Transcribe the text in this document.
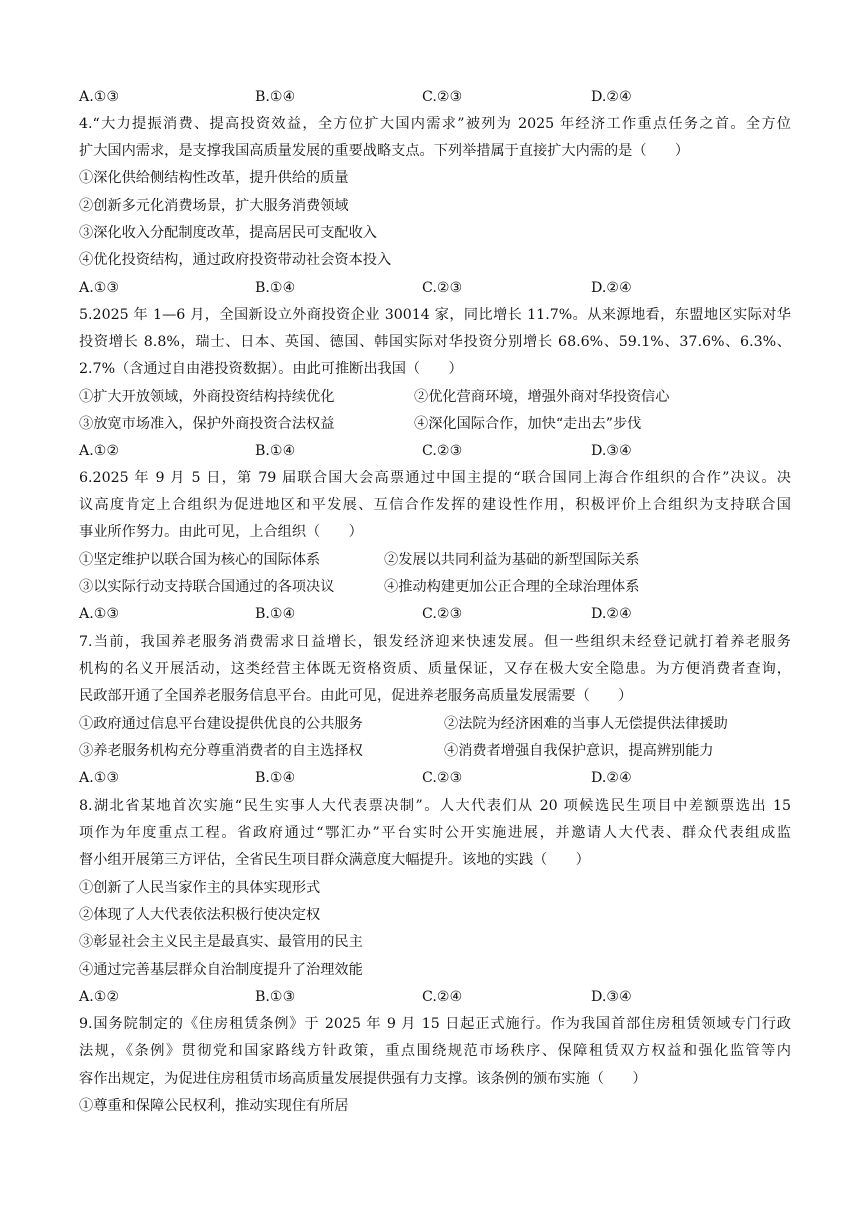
A.①③	B.①④	C.②③	D.②④
4.“大力提振消费、提高投资效益，全方位扩大国内需求”被列为 2025 年经济工作重点任务之首。全方位
扩大国内需求，是支撑我国高质量发展的重要战略支点。下列举措属于直接扩大内需的是（　　）
①深化供给侧结构性改革，提升供给的质量
②创新多元化消费场景，扩大服务消费领域
③深化收入分配制度改革，提高居民可支配收入
④优化投资结构，通过政府投资带动社会资本投入
A.①③	B.①④	C.②③	D.②④
5.2025 年 1—6 月，全国新设立外商投资企业 30014 家，同比增长 11.7%。从来源地看，东盟地区实际对华
投资增长 8.8%，瑞士、日本、英国、德国、韩国实际对华投资分别增长 68.6%、59.1%、37.6%、6.3%、
2.7%（含通过自由港投资数据）。由此可推断出我国（　　）
①扩大开放领域，外商投资结构持续优化	②优化营商环境，增强外商对华投资信心
③放宽市场准入，保护外商投资合法权益	④深化国际合作，加快“走出去”步伐
A.①②	B.①④	C.②③	D.③④
6.2025 年 9 月 5 日，第 79 届联合国大会高票通过中国主提的“联合国同上海合作组织的合作”决议。决
议高度肯定上合组织为促进地区和平发展、互信合作发挥的建设性作用，积极评价上合组织为支持联合国
事业所作努力。由此可见，上合组织（　　）
①坚定维护以联合国为核心的国际体系	②发展以共同利益为基础的新型国际关系
③以实际行动支持联合国通过的各项决议	④推动构建更加公正合理的全球治理体系
A.①③	B.①④	C.②③	D.②④
7.当前，我国养老服务消费需求日益增长，银发经济迎来快速发展。但一些组织未经登记就打着养老服务
机构的名义开展活动，这类经营主体既无资格资质、质量保证，又存在极大安全隐患。为方便消费者查询，
民政部开通了全国养老服务信息平台。由此可见，促进养老服务高质量发展需要（　　）
①政府通过信息平台建设提供优良的公共服务	②法院为经济困难的当事人无偿提供法律援助
③养老服务机构充分尊重消费者的自主选择权	④消费者增强自我保护意识，提高辨别能力
A.①③	B.①④	C.②③	D.②④
8.湖北省某地首次实施“民生实事人大代表票决制”。人大代表们从 20 项候选民生项目中差额票选出 15
项作为年度重点工程。省政府通过“鄂汇办”平台实时公开实施进展，并邀请人大代表、群众代表组成监
督小组开展第三方评估，全省民生项目群众满意度大幅提升。该地的实践（　　）
①创新了人民当家作主的具体实现形式
②体现了人大代表依法积极行使决定权
③彰显社会主义民主是最真实、最管用的民主
④通过完善基层群众自治制度提升了治理效能
A.①②	B.①③	C.②④	D.③④
9.国务院制定的《住房租赁条例》于 2025 年 9 月 15 日起正式施行。作为我国首部住房租赁领域专门行政
法规，《条例》贯彻党和国家路线方针政策，重点围绕规范市场秩序、保障租赁双方权益和强化监管等内
容作出规定，为促进住房租赁市场高质量发展提供强有力支撑。该条例的颁布实施（　　）
①尊重和保障公民权利，推动实现住有所居
